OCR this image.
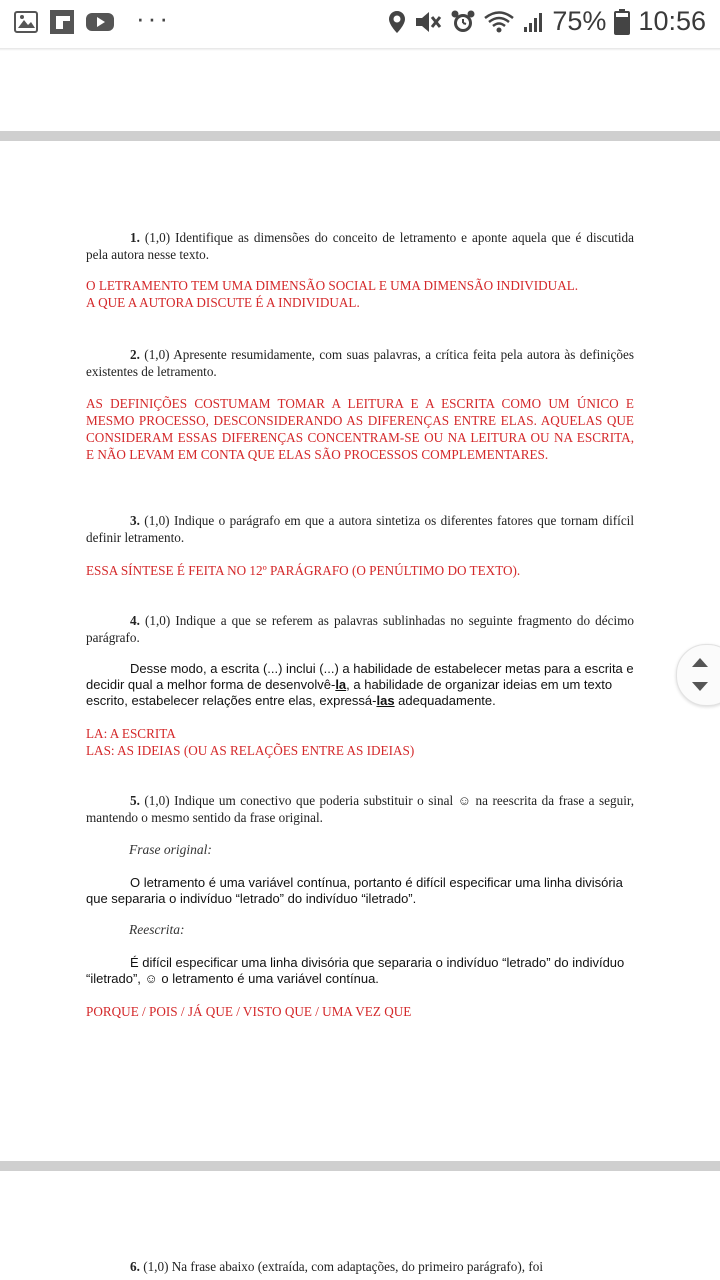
···	75% 10:56
1. (1,0) Identifique as dimensões do conceito de letramento e aponte aquela que é discutida pela autora nesse texto.
O LETRAMENTO TEM UMA DIMENSÃO SOCIAL E UMA DIMENSÃO INDIVIDUAL.
A QUE A AUTORA DISCUTE É A INDIVIDUAL.
2. (1,0) Apresente resumidamente, com suas palavras, a crítica feita pela autora às definições existentes de letramento.
AS DEFINIÇÕES COSTUMAM TOMAR A LEITURA E A ESCRITA COMO UM ÚNICO E MESMO PROCESSO, DESCONSIDERANDO AS DIFERENÇAS ENTRE ELAS. AQUELAS QUE CONSIDERAM ESSAS DIFERENÇAS CONCENTRAM-SE OU NA LEITURA OU NA ESCRITA, E NÃO LEVAM EM CONTA QUE ELAS SÃO PROCESSOS COMPLEMENTARES.
3. (1,0) Indique o parágrafo em que a autora sintetiza os diferentes fatores que tornam difícil definir letramento.
ESSA SÍNTESE É FEITA NO 12º PARÁGRAFO (O PENÚLTIMO DO TEXTO).
4. (1,0) Indique a que se referem as palavras sublinhadas no seguinte fragmento do décimo parágrafo.
Desse modo, a escrita (...) inclui (...) a habilidade de estabelecer metas para a escrita e decidir qual a melhor forma de desenvolvê-la, a habilidade de organizar ideias em um texto escrito, estabelecer relações entre elas, expressá-las adequadamente.
LA: A ESCRITA
LAS: AS IDEIAS (OU AS RELAÇÕES ENTRE AS IDEIAS)
5. (1,0) Indique um conectivo que poderia substituir o sinal ☺ na reescrita da frase a seguir, mantendo o mesmo sentido da frase original.
Frase original:
O letramento é uma variável contínua, portanto é difícil especificar uma linha divisória que separaria o indivíduo “letrado” do indivíduo “iletrado”.
Reescrita:
É difícil especificar uma linha divisória que separaria o indivíduo “letrado” do indivíduo “iletrado”, ☺ o letramento é uma variável contínua.
PORQUE / POIS / JÁ QUE / VISTO QUE / UMA VEZ QUE
6. (1,0) Na frase abaixo (extraída, com adaptações, do primeiro parágrafo), foi
